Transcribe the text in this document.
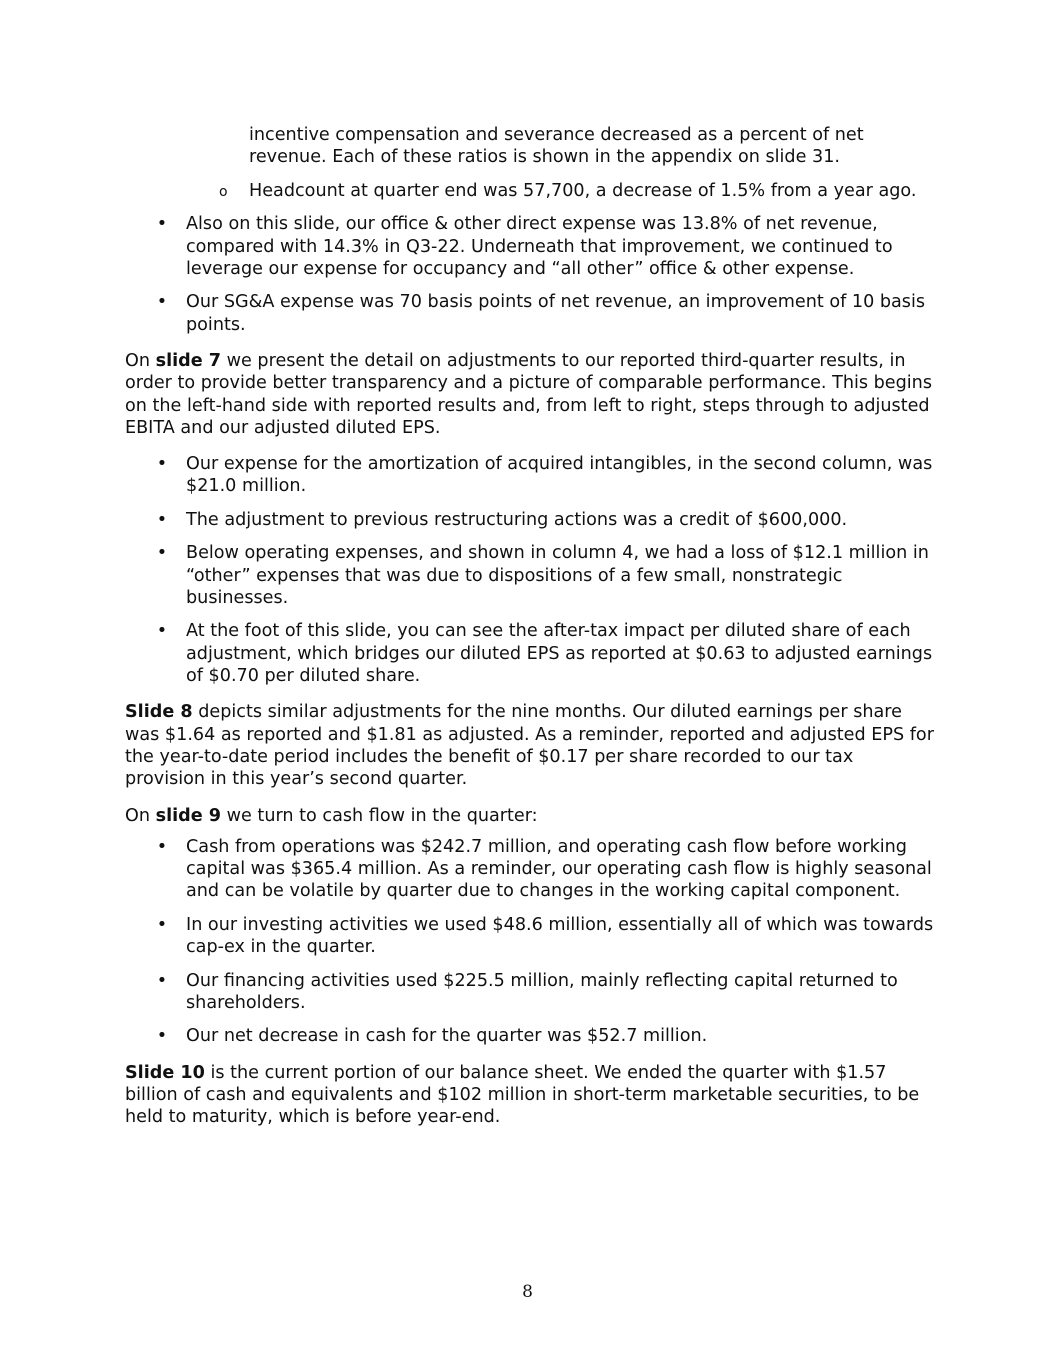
incentive compensation and severance decreased as a percent of net revenue. Each of these ratios is shown in the appendix on slide 31.
o Headcount at quarter end was 57,700, a decrease of 1.5% from a year ago.
• Also on this slide, our office & other direct expense was 13.8% of net revenue, compared with 14.3% in Q3-22. Underneath that improvement, we continued to leverage our expense for occupancy and “all other” office & other expense.
• Our SG&A expense was 70 basis points of net revenue, an improvement of 10 basis points.

On slide 7 we present the detail on adjustments to our reported third-quarter results, in order to provide better transparency and a picture of comparable performance. This begins on the left-hand side with reported results and, from left to right, steps through to adjusted EBITA and our adjusted diluted EPS.

• Our expense for the amortization of acquired intangibles, in the second column, was $21.0 million.
• The adjustment to previous restructuring actions was a credit of $600,000.
• Below operating expenses, and shown in column 4, we had a loss of $12.1 million in “other” expenses that was due to dispositions of a few small, nonstrategic businesses.
• At the foot of this slide, you can see the after-tax impact per diluted share of each adjustment, which bridges our diluted EPS as reported at $0.63 to adjusted earnings of $0.70 per diluted share.

Slide 8 depicts similar adjustments for the nine months. Our diluted earnings per share was $1.64 as reported and $1.81 as adjusted. As a reminder, reported and adjusted EPS for the year-to-date period includes the benefit of $0.17 per share recorded to our tax provision in this year’s second quarter.

On slide 9 we turn to cash flow in the quarter:

• Cash from operations was $242.7 million, and operating cash flow before working capital was $365.4 million. As a reminder, our operating cash flow is highly seasonal and can be volatile by quarter due to changes in the working capital component.
• In our investing activities we used $48.6 million, essentially all of which was towards cap-ex in the quarter.
• Our financing activities used $225.5 million, mainly reflecting capital returned to shareholders.
• Our net decrease in cash for the quarter was $52.7 million.

Slide 10 is the current portion of our balance sheet. We ended the quarter with $1.57 billion of cash and equivalents and $102 million in short-term marketable securities, to be held to maturity, which is before year-end.

8
